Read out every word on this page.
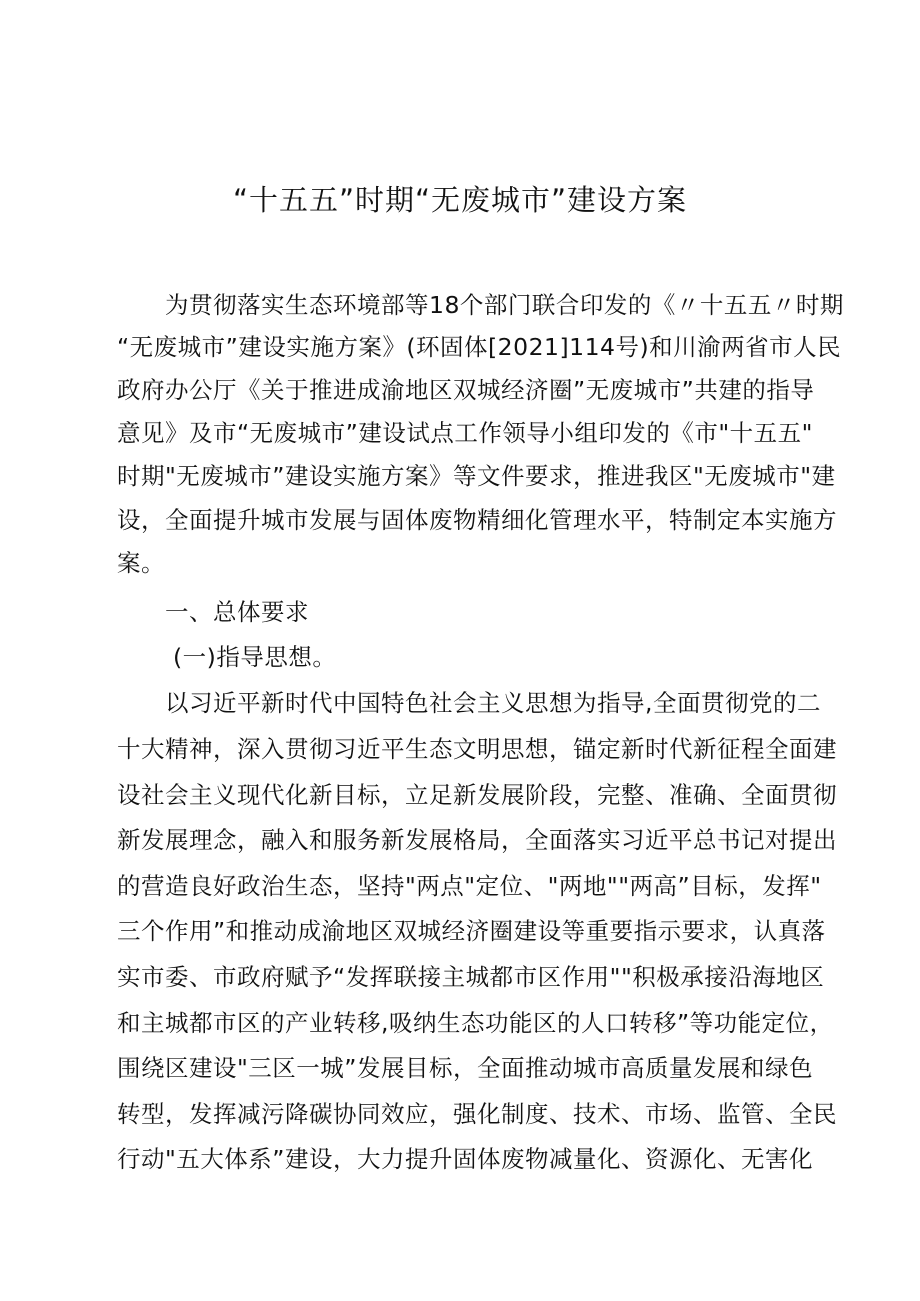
“十五五”时期“无废城市”建设方案
为贯彻落实生态环境部等18个部门联合印发的《〃十五五〃时期
“无废城市”建设实施方案》(环固体[2021]114号)和川渝两省市人民
政府办公厅《关于推进成渝地区双城经济圈”无废城市”共建的指导
意见》及市“无废城市”建设试点工作领导小组印发的《市"十五五"
时期"无废城市”建设实施方案》等文件要求，推进我区"无废城市"建
设，全面提升城市发展与固体废物精细化管理水平，特制定本实施方
案。
一、总体要求
(一)指导思想。
以习近平新时代中国特色社会主义思想为指导,全面贯彻党的二
十大精神，深入贯彻习近平生态文明思想，锚定新时代新征程全面建
设社会主义现代化新目标，立足新发展阶段，完整、准确、全面贯彻
新发展理念，融入和服务新发展格局，全面落实习近平总书记对提出
的营造良好政治生态，坚持"两点"定位、"两地""两高”目标，发挥"
三个作用”和推动成渝地区双城经济圈建设等重要指示要求，认真落
实市委、市政府赋予“发挥联接主城都市区作用""积极承接沿海地区
和主城都市区的产业转移,吸纳生态功能区的人口转移”等功能定位，
围绕区建设"三区一城”发展目标，全面推动城市高质量发展和绿色
转型，发挥减污降碳协同效应，强化制度、技术、市场、监管、全民
行动"五大体系”建设，大力提升固体废物减量化、资源化、无害化
